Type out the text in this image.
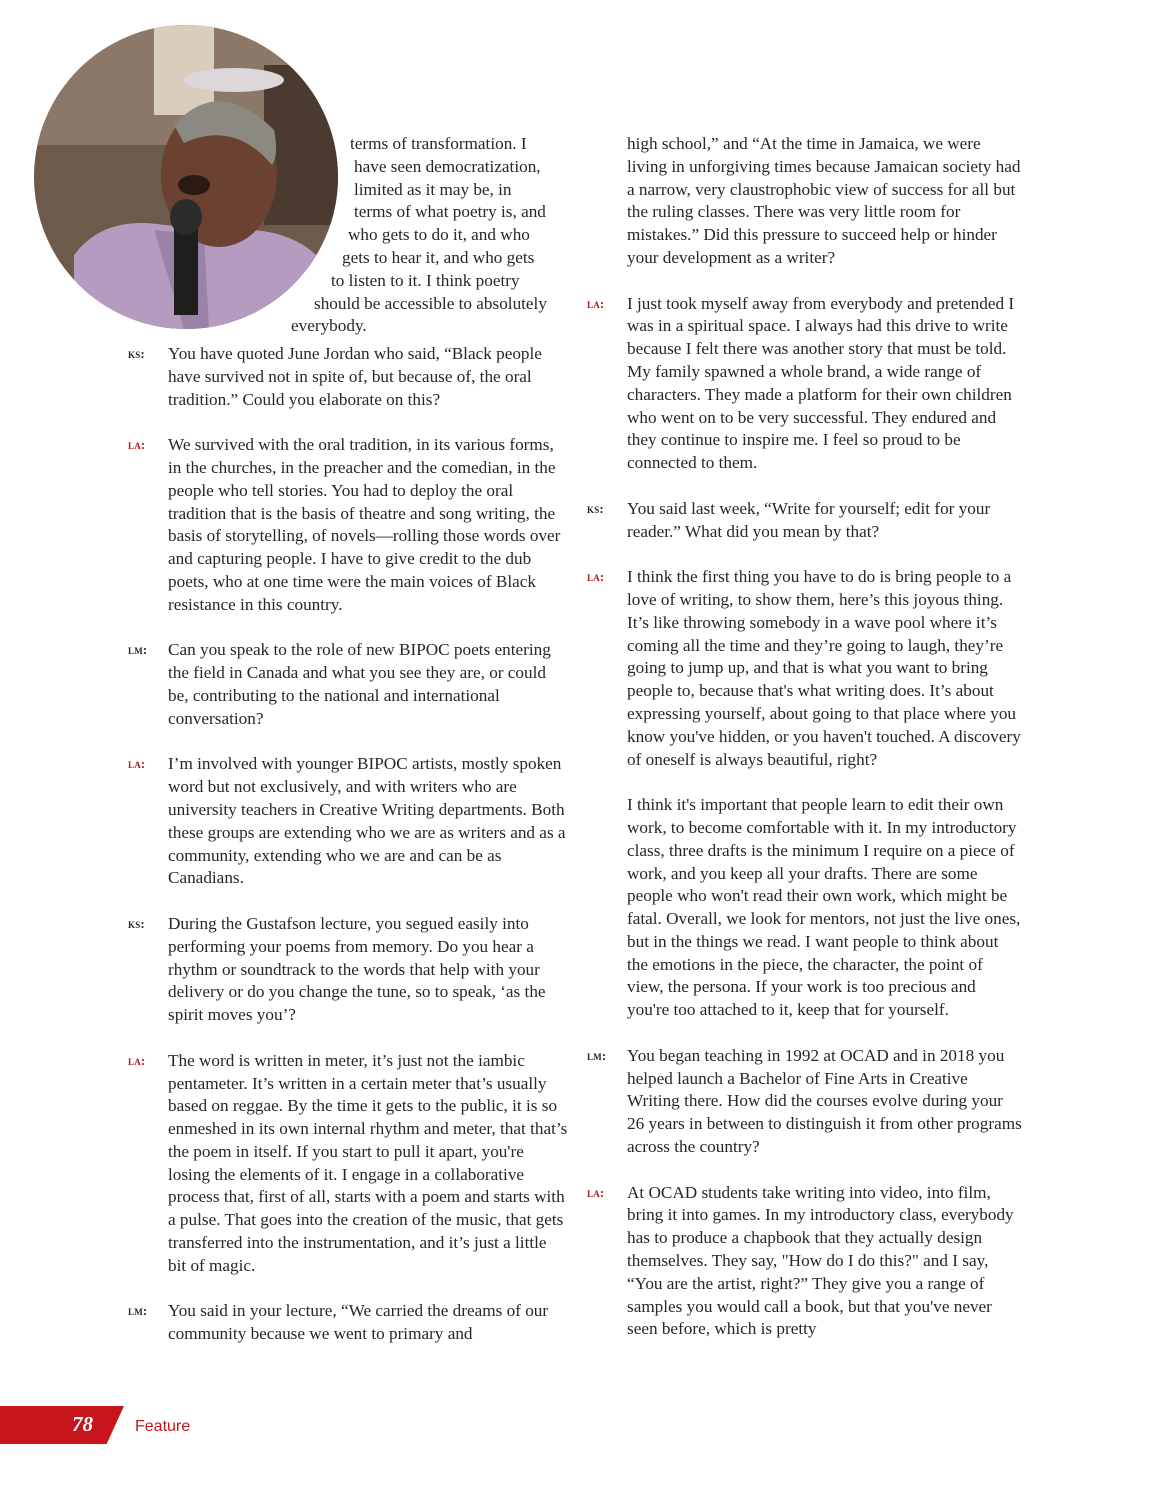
terms of transformation. I
have seen democratization,
limited as it may be, in
terms of what poetry is, and
who gets to do it, and who
gets to hear it, and who gets
to listen to it. I think poetry
should be accessible to absolutely
everybody.
ks:	You have quoted June Jordan who said, “Black people have survived not in spite of, but because of, the oral tradition.” Could you elaborate on this?

la:	We survived with the oral tradition, in its various forms, in the churches, in the preacher and the comedian, in the people who tell stories. You had to deploy the oral tradition that is the basis of theatre and song writing, the basis of storytelling, of novels—rolling those words over and capturing people. I have to give credit to the dub poets, who at one time were the main voices of Black resistance in this country.

lm:	Can you speak to the role of new BIPOC poets entering the field in Canada and what you see they are, or could be, contributing to the national and international conversation?

la:	I’m involved with younger BIPOC artists, mostly spoken word but not exclusively, and with writers who are university teachers in Creative Writing departments. Both these groups are extending who we are as writers and as a community, extending who we are and can be as Canadians.

ks:	During the Gustafson lecture, you segued easily into performing your poems from memory. Do you hear a rhythm or soundtrack to the words that help with your delivery or do you change the tune, so to speak, ‘as the spirit moves you’?

la:	The word is written in meter, it’s just not the iambic pentameter. It’s written in a certain meter that’s usually based on reggae. By the time it gets to the public, it is so enmeshed in its own internal rhythm and meter, that that’s the poem in itself. If you start to pull it apart, you're losing the elements of it. I engage in a collaborative process that, first of all, starts with a poem and starts with a pulse. That goes into the creation of the music, that gets transferred into the instrumentation, and it’s just a little bit of magic.

lm:	You said in your lecture, “We carried the dreams of our community because we went to primary and

high school,” and “At the time in Jamaica, we were living in unforgiving times because Jamaican society had a narrow, very claustrophobic view of success for all but the ruling classes. There was very little room for mistakes.” Did this pressure to succeed help or hinder your development as a writer?

la:	I just took myself away from everybody and pretended I was in a spiritual space. I always had this drive to write because I felt there was another story that must be told. My family spawned a whole brand, a wide range of characters. They made a platform for their own children who went on to be very successful. They endured and they continue to inspire me. I feel so proud to be connected to them.

ks:	You said last week, “Write for yourself; edit for your reader.” What did you mean by that?

la:	I think the first thing you have to do is bring people to a love of writing, to show them, here’s this joyous thing. It’s like throwing somebody in a wave pool where it’s coming all the time and they’re going to laugh, they’re going to jump up, and that is what you want to bring people to, because that's what writing does. It’s about expressing yourself, about going to that place where you know you've hidden, or you haven't touched. A discovery of oneself is always beautiful, right?

I think it's important that people learn to edit their own work, to become comfortable with it. In my introductory class, three drafts is the minimum I require on a piece of work, and you keep all your drafts. There are some people who won't read their own work, which might be fatal. Overall, we look for mentors, not just the live ones, but in the things we read. I want people to think about the emotions in the piece, the character, the point of view, the persona. If your work is too precious and you're too attached to it, keep that for yourself.

lm:	You began teaching in 1992 at OCAD and in 2018 you helped launch a Bachelor of Fine Arts in Creative Writing there. How did the courses evolve during your 26 years in between to distinguish it from other programs across the country?

la:	At OCAD students take writing into video, into film, bring it into games. In my introductory class, everybody has to produce a chapbook that they actually design themselves. They say, "How do I do this?" and I say, “You are the artist, right?” They give you a range of samples you would call a book, but that you've never seen before, which is pretty

78	Feature
